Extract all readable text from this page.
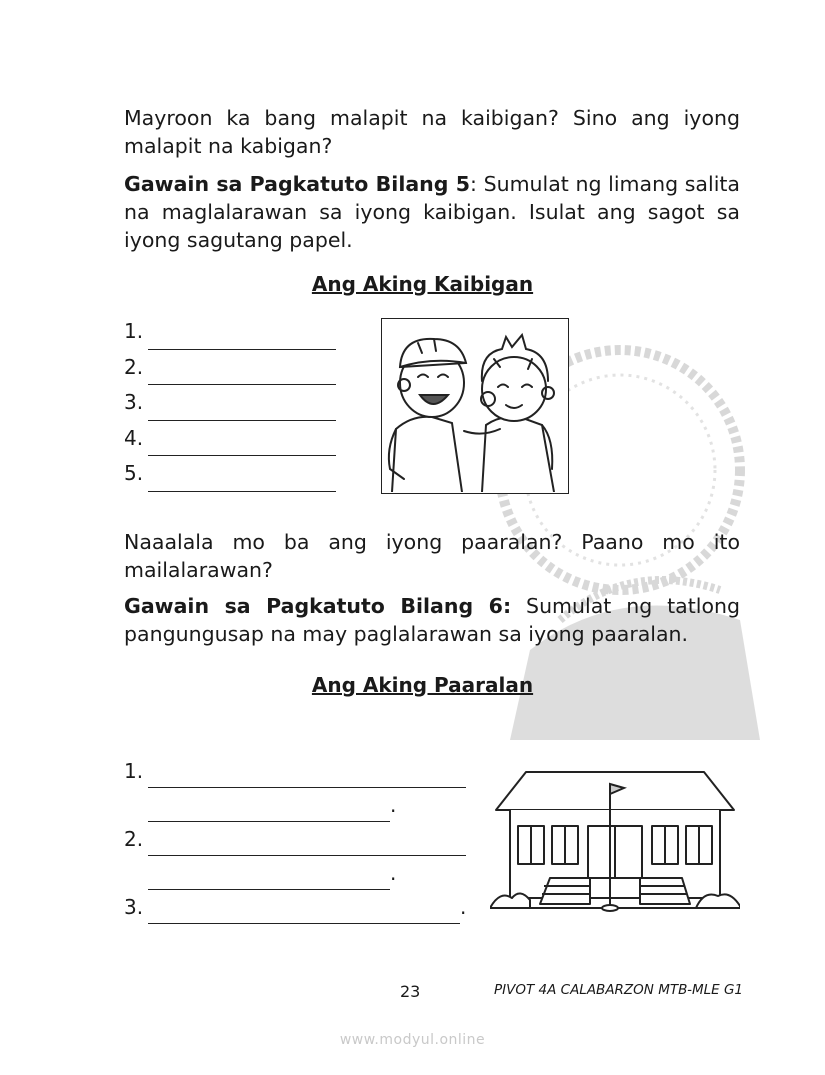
Mayroon ka bang malapit na kaibigan? Sino ang iyong malapit na kabigan?

Gawain sa Pagkatuto Bilang 5: Sumulat ng limang salita na maglalarawan sa iyong kaibigan. Isulat ang sagot sa iyong sagutang papel.

Ang Aking Kaibigan

1.
2.
3.
4.
5.

Naaalala mo ba ang iyong paaralan? Paano mo ito mailalarawan?

Gawain sa Pagkatuto Bilang 6: Sumulat ng tatlong pangungusap na may paglalarawan sa iyong paaralan.

Ang Aking Paaralan

1.
.
2.
.
3.	.
23	PIVOT 4A CALABARZON MTB-MLE G1
www.modyul.online
